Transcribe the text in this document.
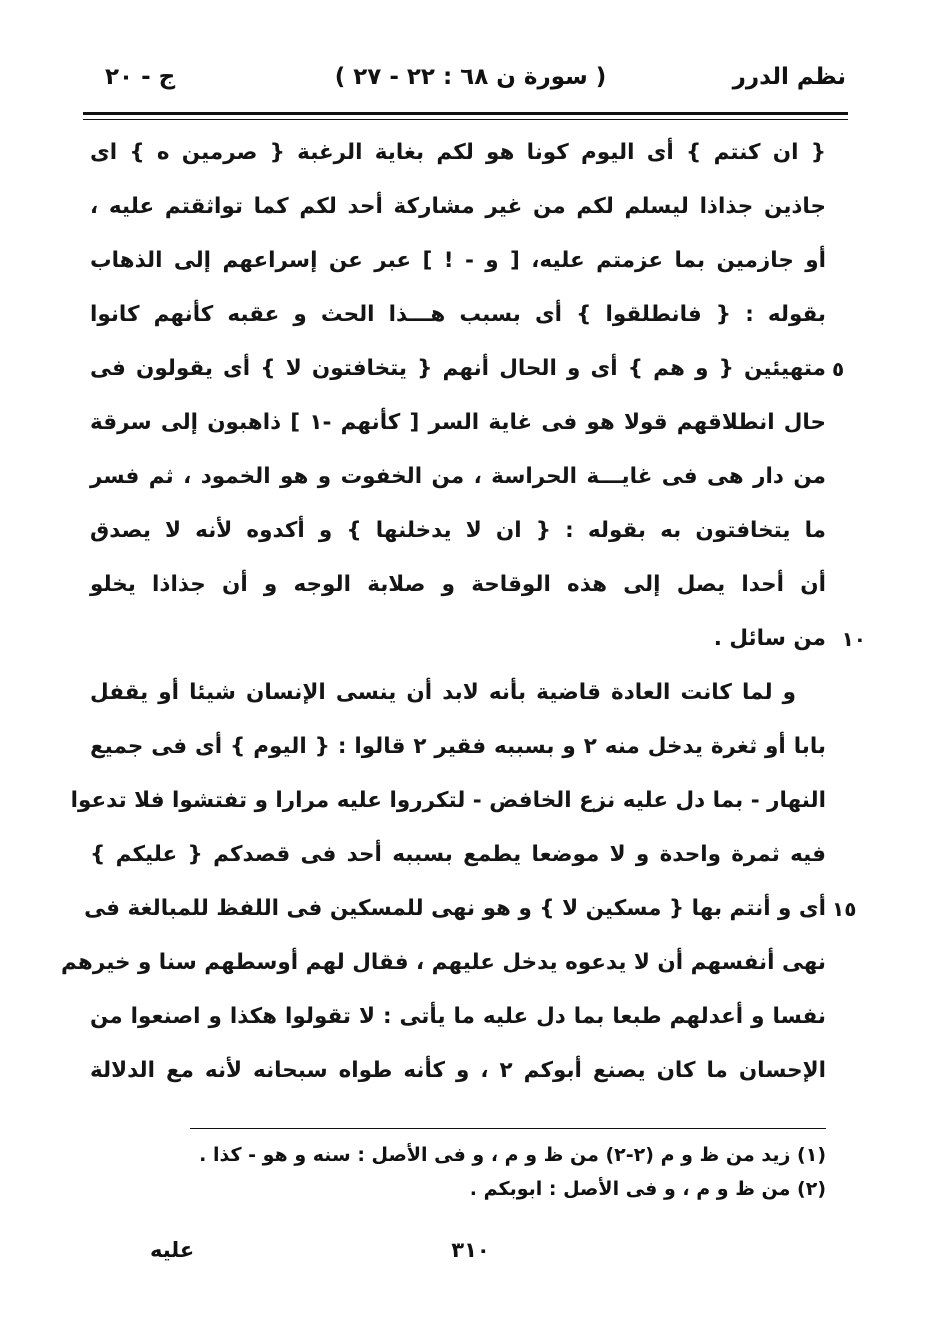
نظم الدرر
( سورة ن ٦٨ : ٢٢ - ٢٧ )
ج - ٢٠
{ ان كنتم } أى اليوم كونا هو لكم بغاية الرغبة { صرمين ه } اى
جاذين جذاذا ليسلم لكم من غير مشاركة أحد لكم كما تواثقتم عليه ،
أو جازمين بما عزمتم عليه، [ و - ! ] عبر عن إسراعهم إلى الذهاب
بقوله : { فانطلقوا } أى بسبب هـــذا الحث و عقبه كأنهم كانوا
متهيئين { و هم } أى و الحال أنهم { يتخافتون لا } أى يقولون فى ٥
حال انطلاقهم قولا هو فى غاية السر [ كأنهم -١ ] ذاهبون إلى سرقة
من دار هى فى غايـــة الحراسة ، من الخفوت و هو الخمود ، ثم فسر
ما يتخافتون به بقوله : { ان لا يدخلنها } و أكدوه لأنه لا يصدق
أن أحدا يصل إلى هذه الوقاحة و صلابة الوجه و أن جذاذا يخلو
من سائل . ١٠
و لما كانت العادة قاضية بأنه لابد أن ينسى الإنسان شيئا أو يقفل
بابا أو ثغرة يدخل منه ٢ و بسببه فقير ٢ قالوا : { اليوم } أى فى جميع
النهار - بما دل عليه نزع الخافض - لتكرروا عليه مرارا و تفتشوا فلا تدعوا
فيه ثمرة واحدة و لا موضعا يطمع بسببه أحد فى قصدكم { عليكم }
أى و أنتم بها { مسكين لا } و هو نهى للمسكين فى اللفظ للمبالغة فى ١٥
نهى أنفسهم أن لا يدعوه يدخل عليهم ، فقال لهم أوسطهم سنا و خيرهم
نفسا و أعدلهم طبعا بما دل عليه ما يأتى : لا تقولوا هكذا و اصنعوا من
الإحسان ما كان يصنع أبوكم ٢ ، و كأنه طواه سبحانه لأنه مع الدلالة
(١) زيد من ظ و م (٢-٢) من ظ و م ، و فى الأصل : سنه و هو - كذا .
(٢) من ظ و م ، و فى الأصل : ابوبكم .
٣١٠
عليه
